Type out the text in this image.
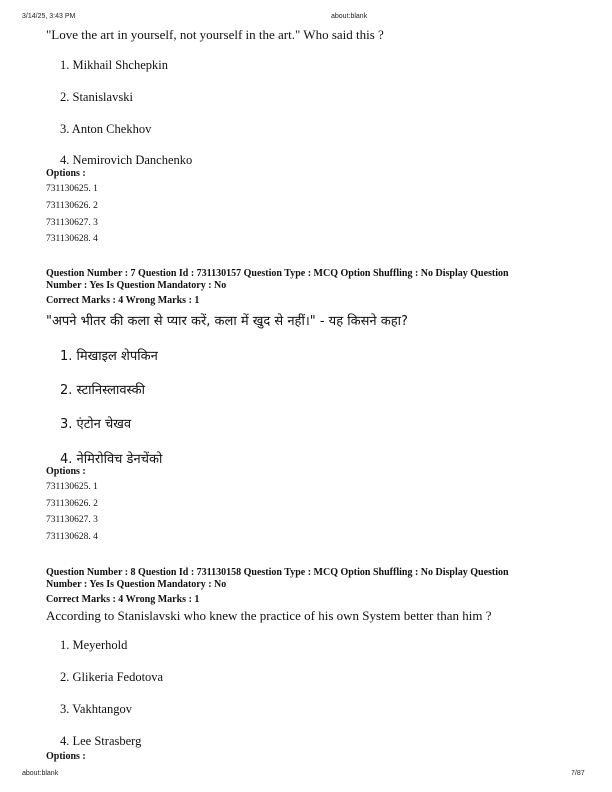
3/14/25, 3:43 PM	about:blank
"Love the art in yourself, not yourself in the art." Who said this ?
1. Mikhail Shchepkin
2. Stanislavski
3. Anton Chekhov
4. Nemirovich Danchenko
Options :
731130625. 1
731130626. 2
731130627. 3
731130628. 4
Question Number : 7 Question Id : 731130157 Question Type : MCQ Option Shuffling : No Display Question
Number : Yes Is Question Mandatory : No
Correct Marks : 4 Wrong Marks : 1
"अपने भीतर की कला से प्यार करें, कला में खुद से नहीं।" - यह किसने कहा?
1. मिखाइल शेपकिन
2. स्टानिस्लावस्की
3. एंटोन चेखव
4. नेमिरोविच डेनचेंको
Options :
731130625. 1
731130626. 2
731130627. 3
731130628. 4
Question Number : 8 Question Id : 731130158 Question Type : MCQ Option Shuffling : No Display Question
Number : Yes Is Question Mandatory : No
Correct Marks : 4 Wrong Marks : 1
According to Stanislavski who knew the practice of his own System better than him ?
1. Meyerhold
2. Glikeria Fedotova
3. Vakhtangov
4. Lee Strasberg
Options :
about:blank	7/87
